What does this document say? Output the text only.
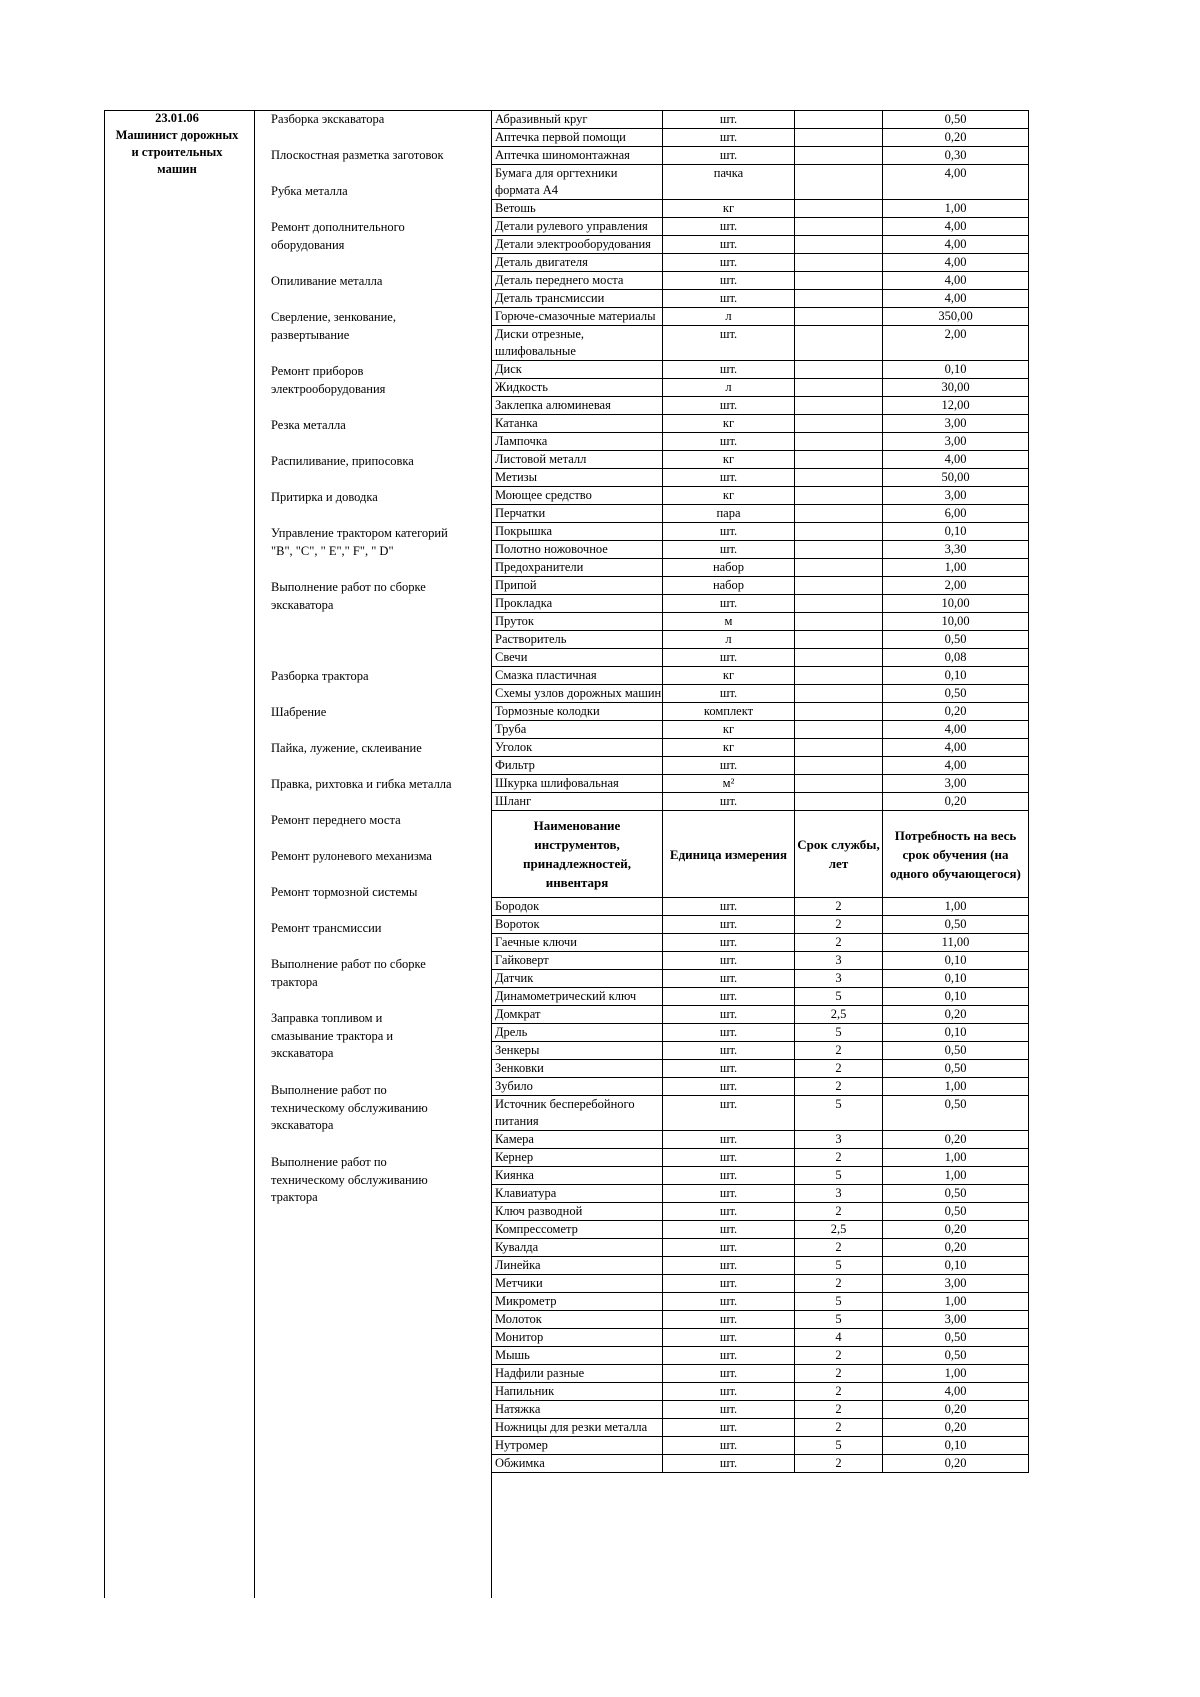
23.01.06
Машинист дорожных
и строительных
машин
Разборка экскаватора
Плоскостная разметка заготовок
Рубка металла
Ремонт дополнительного
оборудования
Опиливание металла
Сверление, зенкование,
развертывание
Ремонт приборов
электрооборудования
Резка металла
Распиливание, припосовка
Притирка и доводка
Управление трактором категорий
"В", "С", " Е"," F", " D"
Выполнение работ по сборке
экскаватора
Разборка трактора
Шабрение
Пайка, лужение, склеивание
Правка, рихтовка и гибка металла
Ремонт переднего моста
Ремонт рулоневого механизма
Ремонт тормозной системы
Ремонт трансмиссии
Выполнение работ по сборке
трактора
Заправка топливом и
смазывание трактора и
экскаватора
Выполнение работ по
техническому обслуживанию
экскаватора
Выполнение работ по
техническому обслуживанию
трактора
Абразивный круг	шт.		0,50
Аптечка первой помощи	шт.		0,20
Аптечка шиномонтажная	шт.		0,30
Бумага для оргтехники формата А4	пачка		4,00
Ветошь	кг		1,00
Детали рулевого управления	шт.		4,00
Детали электрооборудования	шт.		4,00
Деталь двигателя	шт.		4,00
Деталь переднего моста	шт.		4,00
Деталь трансмиссии	шт.		4,00
Горюче-смазочные материалы	л		350,00
Диски отрезные, шлифовальные	шт.		2,00
Диск	шт.		0,10
Жидкость	л		30,00
Заклепка алюминевая	шт.		12,00
Катанка	кг		3,00
Лампочка	шт.		3,00
Листовой металл	кг		4,00
Метизы	шт.		50,00
Моющее средство	кг		3,00
Перчатки	пара		6,00
Покрышка	шт.		0,10
Полотно ножовочное	шт.		3,30
Предохранители	набор		1,00
Припой	набор		2,00
Прокладка	шт.		10,00
Пруток	м		10,00
Растворитель	л		0,50
Свечи	шт.		0,08
Смазка пластичная	кг		0,10
Схемы узлов дорожных машин	шт.		0,50
Тормозные колодки	комплект		0,20
Труба	кг		4,00
Уголок	кг		4,00
Фильтр	шт.		4,00
Шкурка шлифовальная	м²		3,00
Шланг	шт.		0,20
Наименование инструментов, принадлежностей, инвентаря	Единица измерения	Срок службы, лет	Потребность на весь срок обучения (на одного обучающегося)
Бородок	шт.	2	1,00
Вороток	шт.	2	0,50
Гаечные ключи	шт.	2	11,00
Гайковерт	шт.	3	0,10
Датчик	шт.	3	0,10
Динамометрический ключ	шт.	5	0,10
Домкрат	шт.	2,5	0,20
Дрель	шт.	5	0,10
Зенкеры	шт.	2	0,50
Зенковки	шт.	2	0,50
Зубило	шт.	2	1,00
Источник бесперебойного питания	шт.	5	0,50
Камера	шт.	3	0,20
Кернер	шт.	2	1,00
Киянка	шт.	5	1,00
Клавиатура	шт.	3	0,50
Ключ разводной	шт.	2	0,50
Компрессометр	шт.	2,5	0,20
Кувалда	шт.	2	0,20
Линейка	шт.	5	0,10
Метчики	шт.	2	3,00
Микрометр	шт.	5	1,00
Молоток	шт.	5	3,00
Монитор	шт.	4	0,50
Мышь	шт.	2	0,50
Надфили разные	шт.	2	1,00
Напильник	шт.	2	4,00
Натяжка	шт.	2	0,20
Ножницы для резки металла	шт.	2	0,20
Нутромер	шт.	5	0,10
Обжимка	шт.	2	0,20
